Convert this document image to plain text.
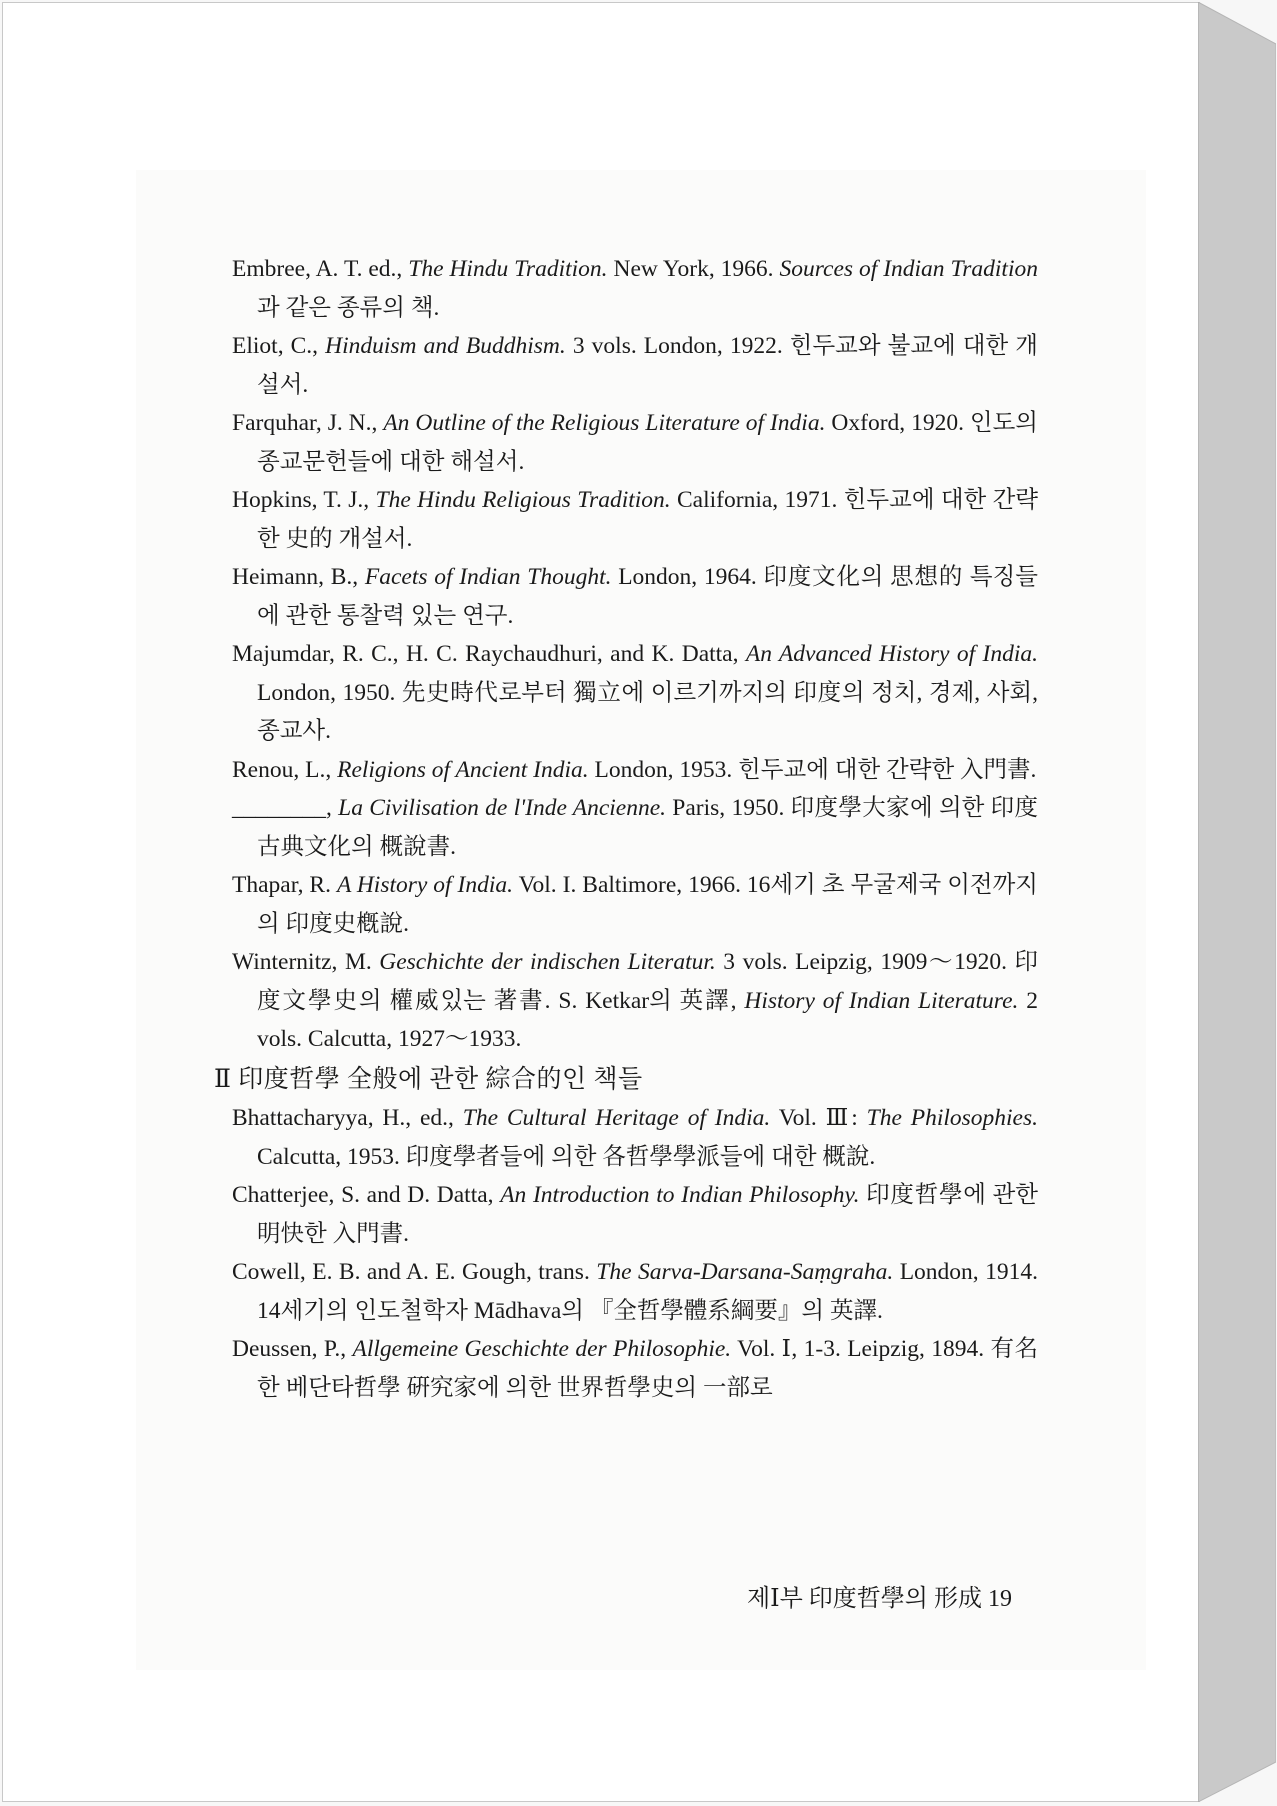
Embree, A. T. ed., The Hindu Tradition. New York, 1966. Sources of Indian Tradition과 같은 종류의 책.

Eliot, C., Hinduism and Buddhism. 3 vols. London, 1922. 힌두교와 불교에 대한 개설서.

Farquhar, J. N., An Outline of the Religious Literature of India. Oxford, 1920. 인도의 종교문헌들에 대한 해설서.

Hopkins, T. J., The Hindu Religious Tradition. California, 1971. 힌두교에 대한 간략한 史的 개설서.

Heimann, B., Facets of Indian Thought. London, 1964. 印度文化의 思想的 특징들에 관한 통찰력 있는 연구.

Majumdar, R. C., H. C. Raychaudhuri, and K. Datta, An Advanced History of India. London, 1950. 先史時代로부터 獨立에 이르기까지의 印度의 정치, 경제, 사회, 종교사.

Renou, L., Religions of Ancient India. London, 1953. 힌두교에 대한 간략한 入門書.

________, La Civilisation de l'Inde Ancienne. Paris, 1950. 印度學大家에 의한 印度古典文化의 概說書.

Thapar, R. A History of India. Vol. I. Baltimore, 1966. 16세기 초 무굴제국 이전까지의 印度史槪說.

Winternitz, M. Geschichte der indischen Literatur. 3 vols. Leipzig, 1909～1920. 印度文學史의 權威있는 著書. S. Ketkar의 英譯, History of Indian Literature. 2 vols. Calcutta, 1927～1933.

Ⅱ 印度哲學 全般에 관한 綜合的인 책들

Bhattacharyya, H., ed., The Cultural Heritage of India. Vol. Ⅲ: The Philosophies. Calcutta, 1953. 印度學者들에 의한 各哲學學派들에 대한 概說.

Chatterjee, S. and D. Datta, An Introduction to Indian Philosophy. 印度哲學에 관한 明快한 入門書.

Cowell, E. B. and A. E. Gough, trans. The Sarva-Darsana-Saṃgraha. London, 1914. 14세기의 인도철학자 Mādhava의 『全哲學體系綱要』의 英譯.

Deussen, P., Allgemeine Geschichte der Philosophie. Vol. Ⅰ, 1-3. Leipzig, 1894. 有名한 베단타哲學 硏究家에 의한 世界哲學史의 一部로

제Ⅰ부 印度哲學의 形成 19
